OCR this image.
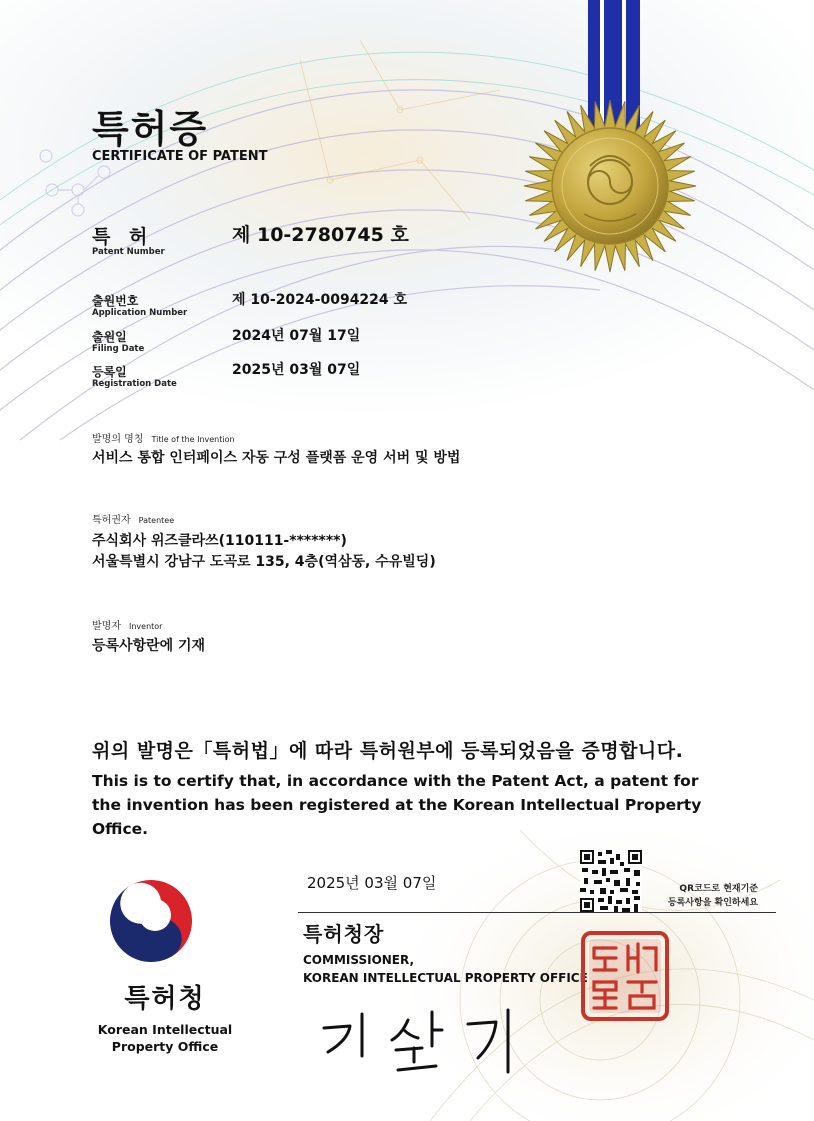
특허증
CERTIFICATE OF PATENT
특 허
Patent Number
제 10-2780745 호
출원번호
Application Number
제 10-2024-0094224 호
출원일
Filing Date
2024년 07월 17일
등록일
Registration Date
2025년 03월 07일
발명의 명칭 Title of the Invention
서비스 통합 인터페이스 자동 구성 플랫폼 운영 서버 및 방법
특허권자 Patentee
주식회사 위즈클라쓰(110111-*******)
서울특별시 강남구 도곡로 135, 4층(역삼동, 수유빌딩)
발명자 Inventor
등록사항란에 기재
위의 발명은「특허법」에 따라 특허원부에 등록되었음을 증명합니다.
This is to certify that, in accordance with the Patent Act, a patent for the invention has been registered at the Korean Intellectual Property Office.
특허청
Korean Intellectual
Property Office
2025년 03월 07일
특허청장
COMMISSIONER,
KOREAN INTELLECTUAL PROPERTY OFFICE
QR코드로 현재기준
등록사항을 확인하세요
